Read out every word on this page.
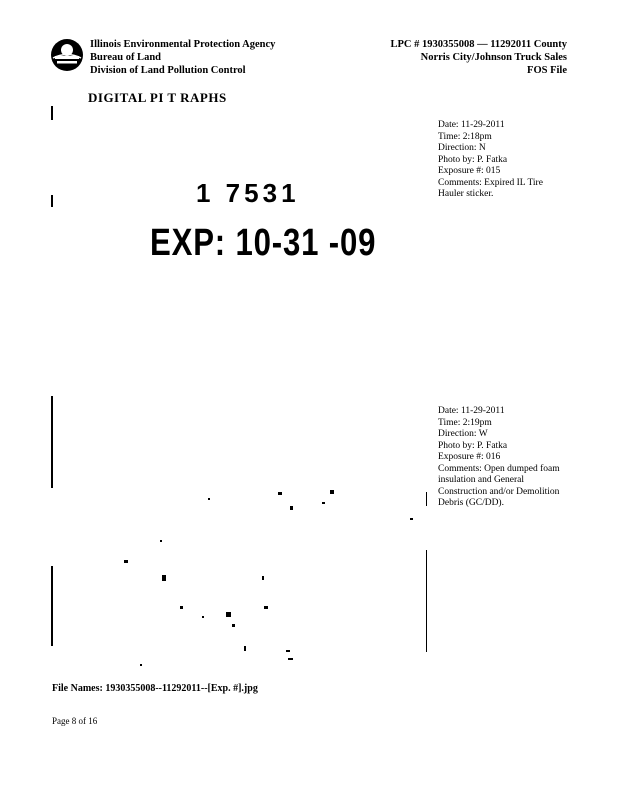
Illinois Environmental Protection Agency
Bureau of Land
Division of Land Pollution Control
LPC # 1930355008 — 11292011 County
Norris City/Johnson Truck Sales
FOS File
DIGITAL PI T RAPHS
1 7531
EXP: 10-31 -09
Date: 11-29-2011
Time: 2:18pm
Direction: N
Photo by: P. Fatka
Exposure #: 015
Comments: Expired IL Tire Hauler sticker.
Date: 11-29-2011
Time: 2:19pm
Direction: W
Photo by: P. Fatka
Exposure #: 016
Comments: Open dumped foam insulation and General Construction and/or Demolition Debris (GC/DD).
File Names: 1930355008--11292011--[Exp. #].jpg
Page 8 of 16
